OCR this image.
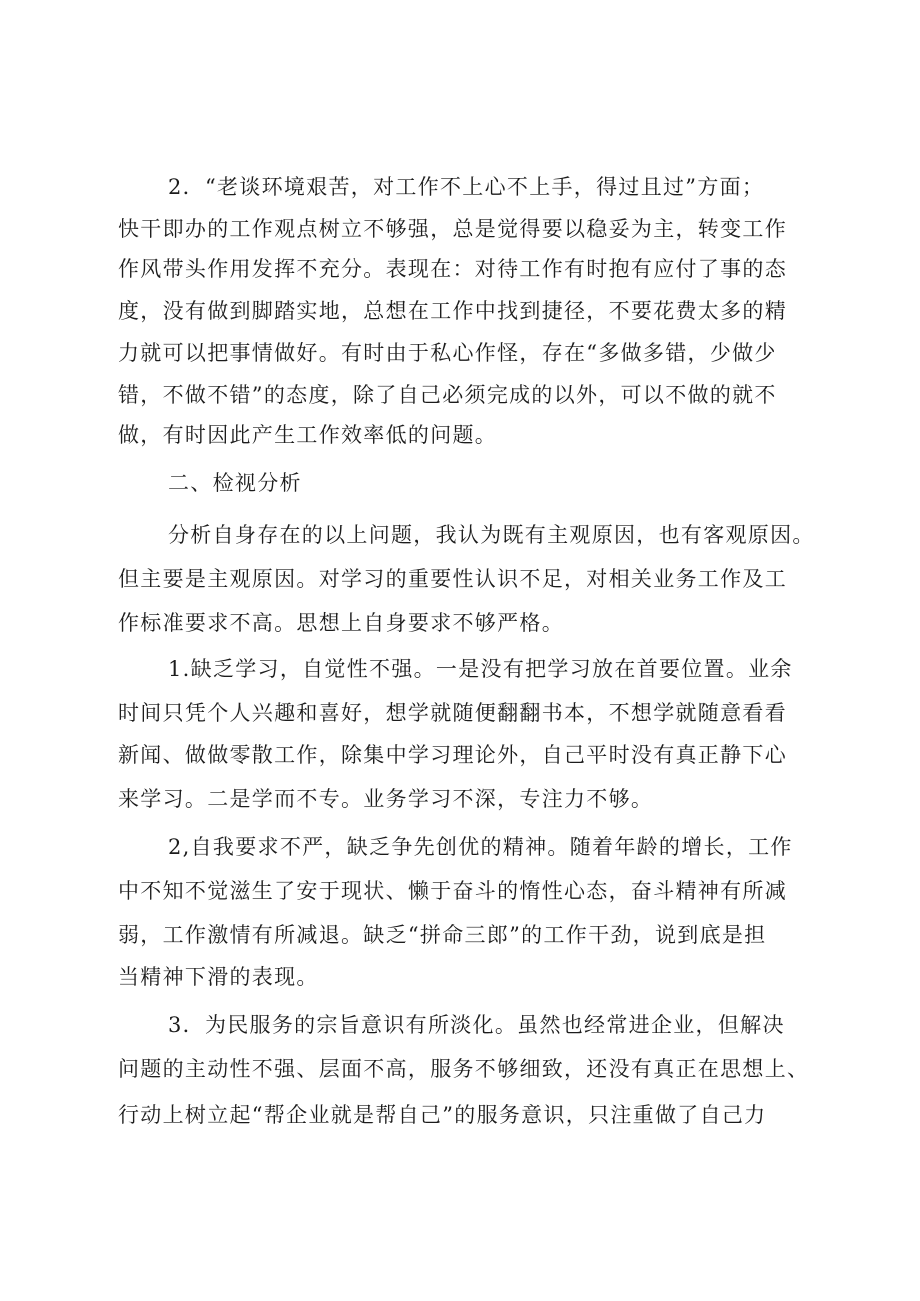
2．“老谈环境艰苦，对工作不上心不上手，得过且过”方面；
快干即办的工作观点树立不够强，总是觉得要以稳妥为主，转变工作
作风带头作用发挥不充分。表现在：对待工作有时抱有应付了事的态
度，没有做到脚踏实地，总想在工作中找到捷径，不要花费太多的精
力就可以把事情做好。有时由于私心作怪，存在“多做多错，少做少
错，不做不错”的态度，除了自己必须完成的以外，可以不做的就不
做，有时因此产生工作效率低的问题。
二、检视分析
分析自身存在的以上问题，我认为既有主观原因，也有客观原因。
但主要是主观原因。对学习的重要性认识不足，对相关业务工作及工
作标准要求不高。思想上自身要求不够严格。
1.缺乏学习，自觉性不强。一是没有把学习放在首要位置。业余
时间只凭个人兴趣和喜好，想学就随便翻翻书本，不想学就随意看看
新闻、做做零散工作，除集中学习理论外，自己平时没有真正静下心
来学习。二是学而不专。业务学习不深，专注力不够。
2,自我要求不严，缺乏争先创优的精神。随着年龄的增长，工作
中不知不觉滋生了安于现状、懒于奋斗的惰性心态，奋斗精神有所减
弱，工作激情有所减退。缺乏“拼命三郎”的工作干劲，说到底是担
当精神下滑的表现。
3．为民服务的宗旨意识有所淡化。虽然也经常进企业，但解决
问题的主动性不强、层面不高，服务不够细致，还没有真正在思想上、
行动上树立起“帮企业就是帮自己”的服务意识，只注重做了自己力
